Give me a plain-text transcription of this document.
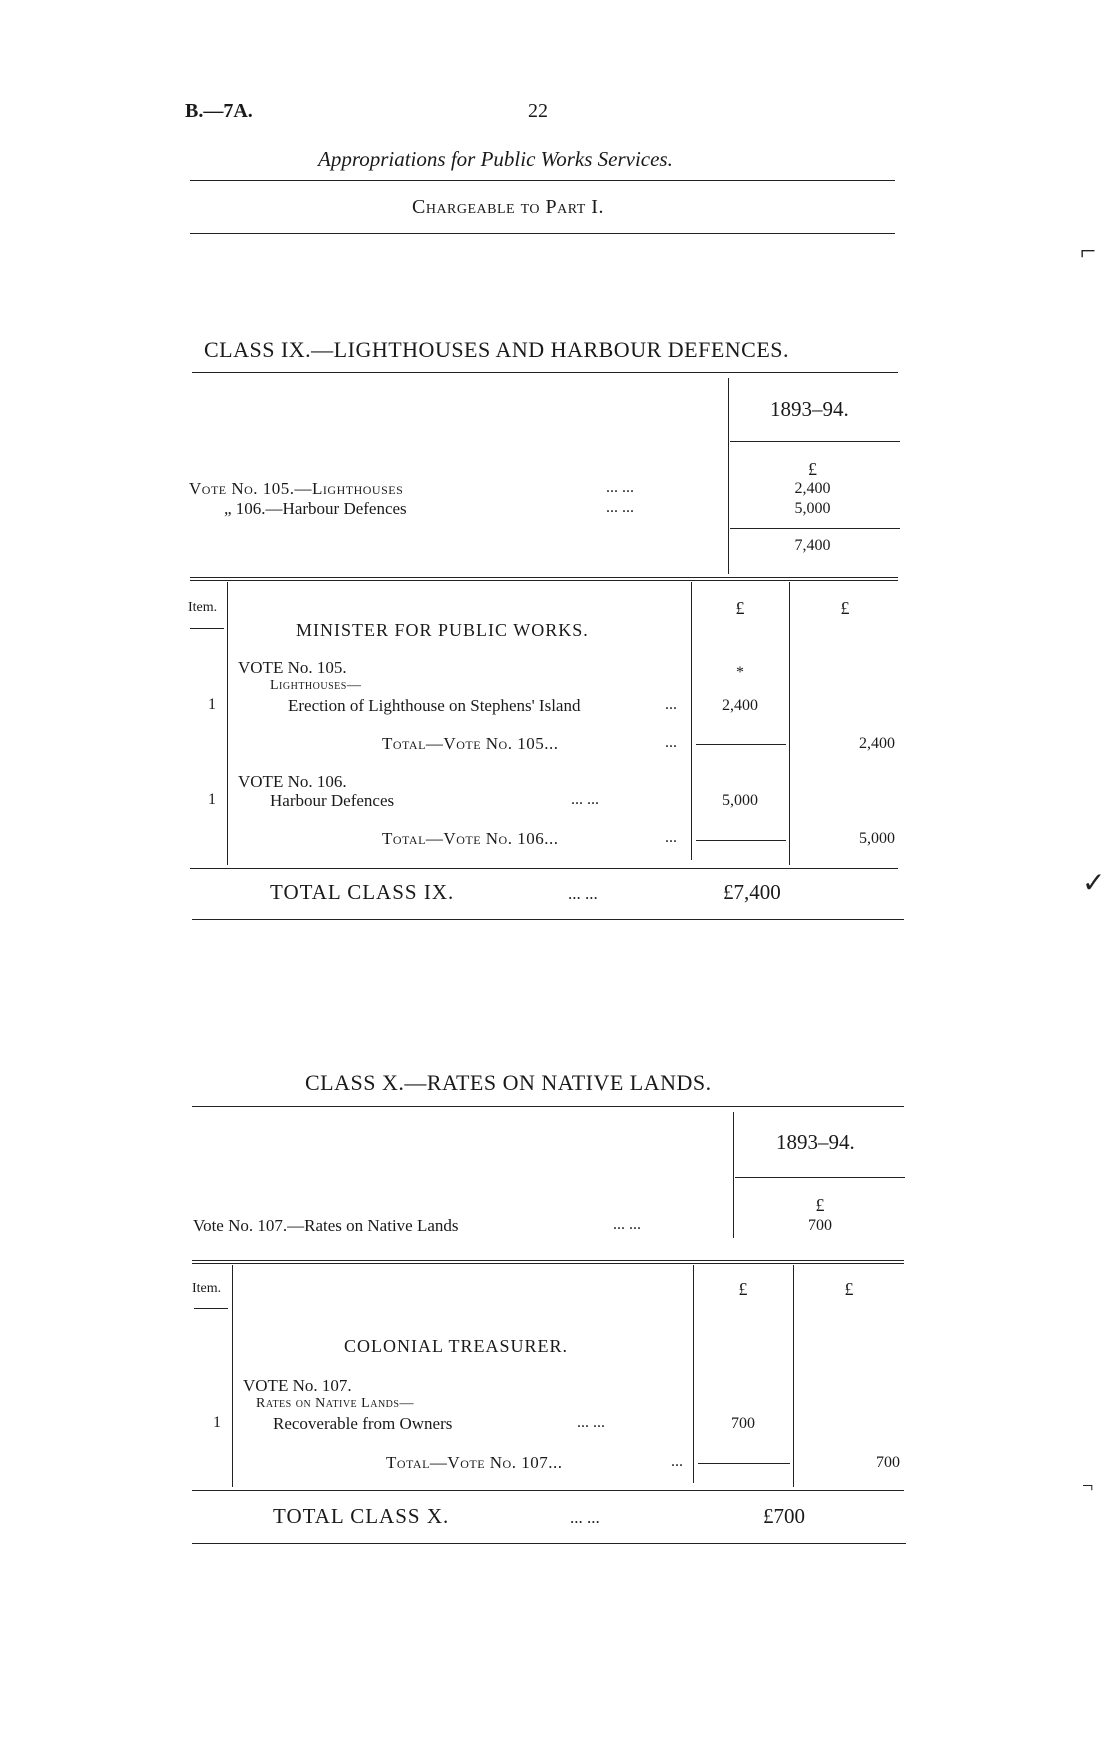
B.—7A.	22
Appropriations for Public Works Services.
Chargeable to Part I.
⌐
✓
¬
CLASS IX.—LIGHTHOUSES AND HARBOUR DEFENCES.
1893–94.
£
Vote No. 105.—Lighthouses	... ...	2,400
„ 106.—Harbour Defences	... ...	5,000
7,400
Item.	£	£
MINISTER FOR PUBLIC WORKS.
VOTE No. 105.	*
Lighthouses—
1	Erection of Lighthouse on Stephens' Island	...	2,400
Total—Vote No. 105...	...	2,400
VOTE No. 106.
1	Harbour Defences	... ...	5,000
Total—Vote No. 106...	...	5,000
TOTAL CLASS IX.	... ...	£7,400
CLASS X.—RATES ON NATIVE LANDS.
1893–94.
£
Vote No. 107.—Rates on Native Lands	... ...	700
Item.	£	£
COLONIAL TREASURER.
VOTE No. 107.
Rates on Native Lands—
1	Recoverable from Owners	... ...	700
Total—Vote No. 107...	...	700
TOTAL CLASS X.	... ...	£700
